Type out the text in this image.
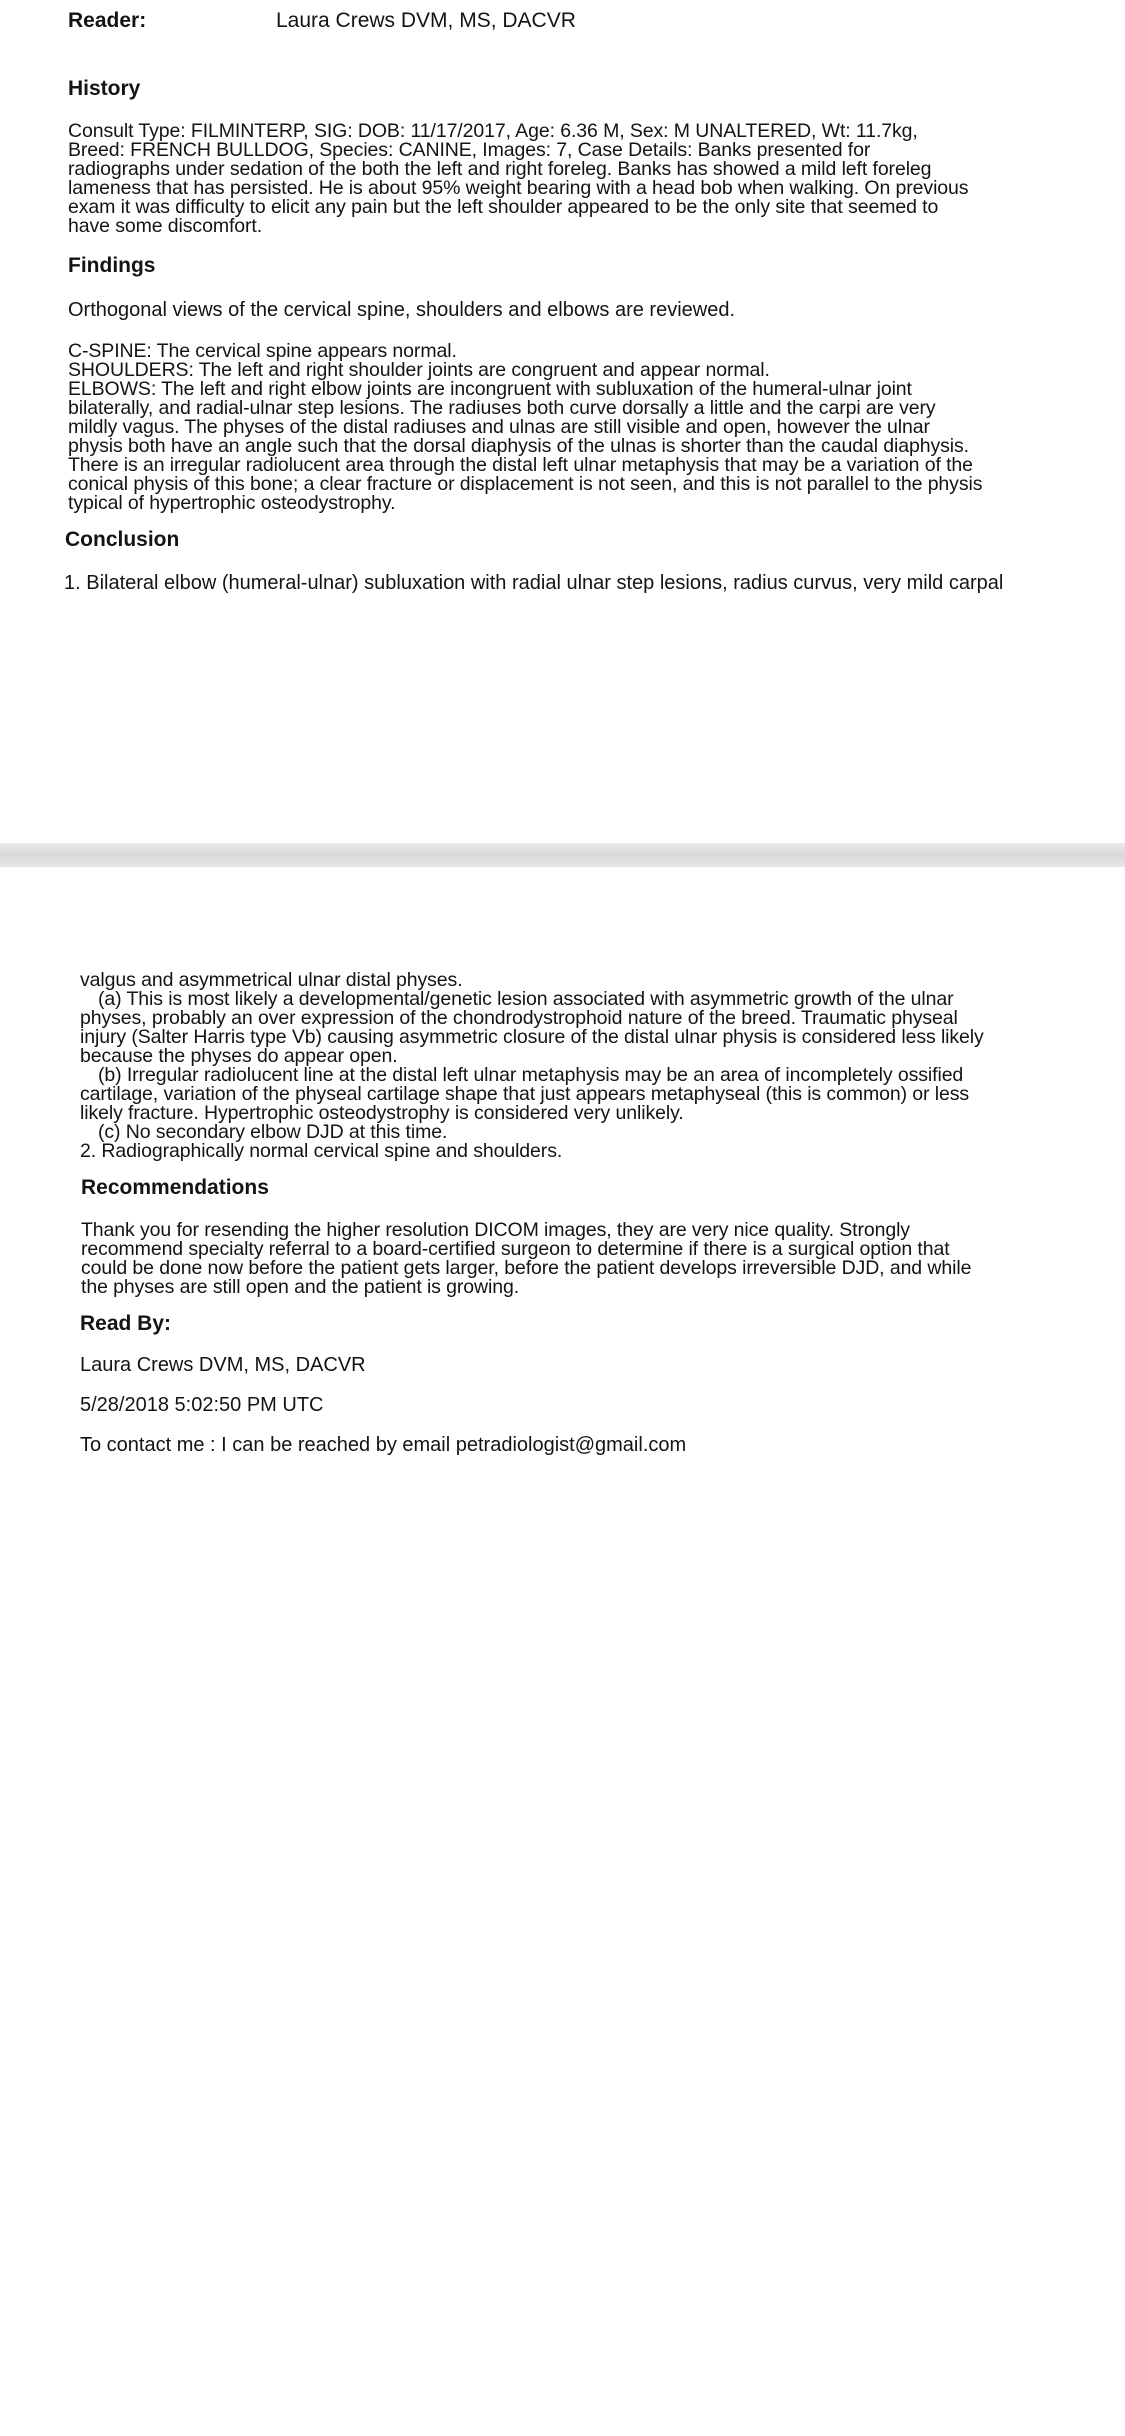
Reader:	Laura Crews DVM, MS, DACVR
History
Consult Type: FILMINTERP, SIG: DOB: 11/17/2017, Age: 6.36 M, Sex: M UNALTERED, Wt: 11.7kg,
Breed: FRENCH BULLDOG, Species: CANINE, Images: 7, Case Details: Banks presented for
radiographs under sedation of the both the left and right foreleg. Banks has showed a mild left foreleg
lameness that has persisted. He is about 95% weight bearing with a head bob when walking. On previous
exam it was difficulty to elicit any pain but the left shoulder appeared to be the only site that seemed to
have some discomfort.
Findings
Orthogonal views of the cervical spine, shoulders and elbows are reviewed.
C-SPINE: The cervical spine appears normal.
SHOULDERS: The left and right shoulder joints are congruent and appear normal.
ELBOWS: The left and right elbow joints are incongruent with subluxation of the humeral-ulnar joint
bilaterally, and radial-ulnar step lesions. The radiuses both curve dorsally a little and the carpi are very
mildly vagus. The physes of the distal radiuses and ulnas are still visible and open, however the ulnar
physis both have an angle such that the dorsal diaphysis of the ulnas is shorter than the caudal diaphysis.
There is an irregular radiolucent area through the distal left ulnar metaphysis that may be a variation of the
conical physis of this bone; a clear fracture or displacement is not seen, and this is not parallel to the physis
typical of hypertrophic osteodystrophy.
Conclusion
1. Bilateral elbow (humeral-ulnar) subluxation with radial ulnar step lesions, radius curvus, very mild carpal
valgus and asymmetrical ulnar distal physes.
(a) This is most likely a developmental/genetic lesion associated with asymmetric growth of the ulnar
physes, probably an over expression of the chondrodystrophoid nature of the breed. Traumatic physeal
injury (Salter Harris type Vb) causing asymmetric closure of the distal ulnar physis is considered less likely
because the physes do appear open.
(b) Irregular radiolucent line at the distal left ulnar metaphysis may be an area of incompletely ossified
cartilage, variation of the physeal cartilage shape that just appears metaphyseal (this is common) or less
likely fracture. Hypertrophic osteodystrophy is considered very unlikely.
(c) No secondary elbow DJD at this time.
2. Radiographically normal cervical spine and shoulders.
Recommendations
Thank you for resending the higher resolution DICOM images, they are very nice quality. Strongly
recommend specialty referral to a board-certified surgeon to determine if there is a surgical option that
could be done now before the patient gets larger, before the patient develops irreversible DJD, and while
the physes are still open and the patient is growing.
Read By:
Laura Crews DVM, MS, DACVR
5/28/2018 5:02:50 PM UTC
To contact me : I can be reached by email petradiologist@gmail.com
